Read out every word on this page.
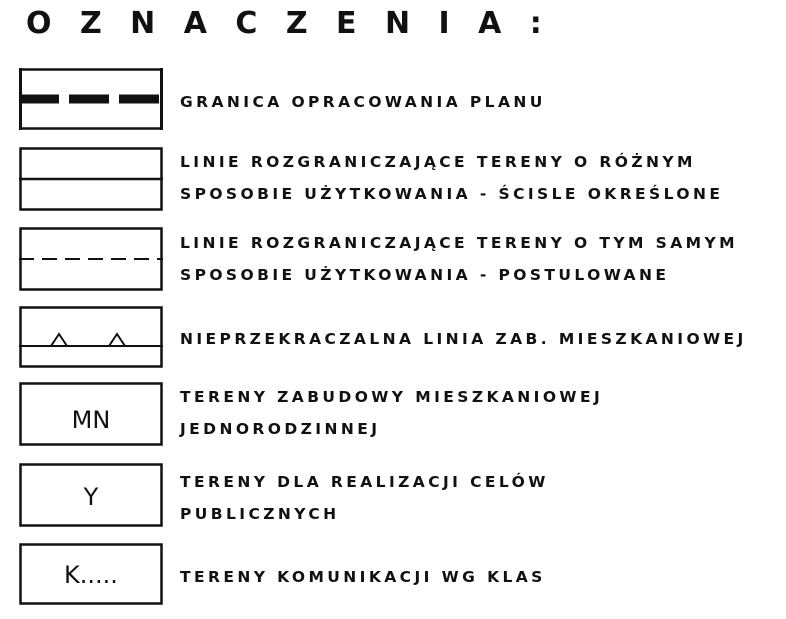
O Z N A C Z E N I A :
GRANICA OPRACOWANIA PLANU
LINIE ROZGRANICZAJĄCE TERENY O RÓŻNYM
SPOSOBIE UŻYTKOWANIA - ŚCISLE OKREŚLONE
LINIE ROZGRANICZAJĄCE TERENY O TYM SAMYM
SPOSOBIE UŻYTKOWANIA - POSTULOWANE
NIEPRZEKRACZALNA LINIA ZAB. MIESZKANIOWEJ
MN
TERENY ZABUDOWY MIESZKANIOWEJ
JEDNORODZINNEJ
Y
TERENY DLA REALIZACJI CELÓW
PUBLICZNYCH
K.....	TERENY KOMUNIKACJI WG KLAS
